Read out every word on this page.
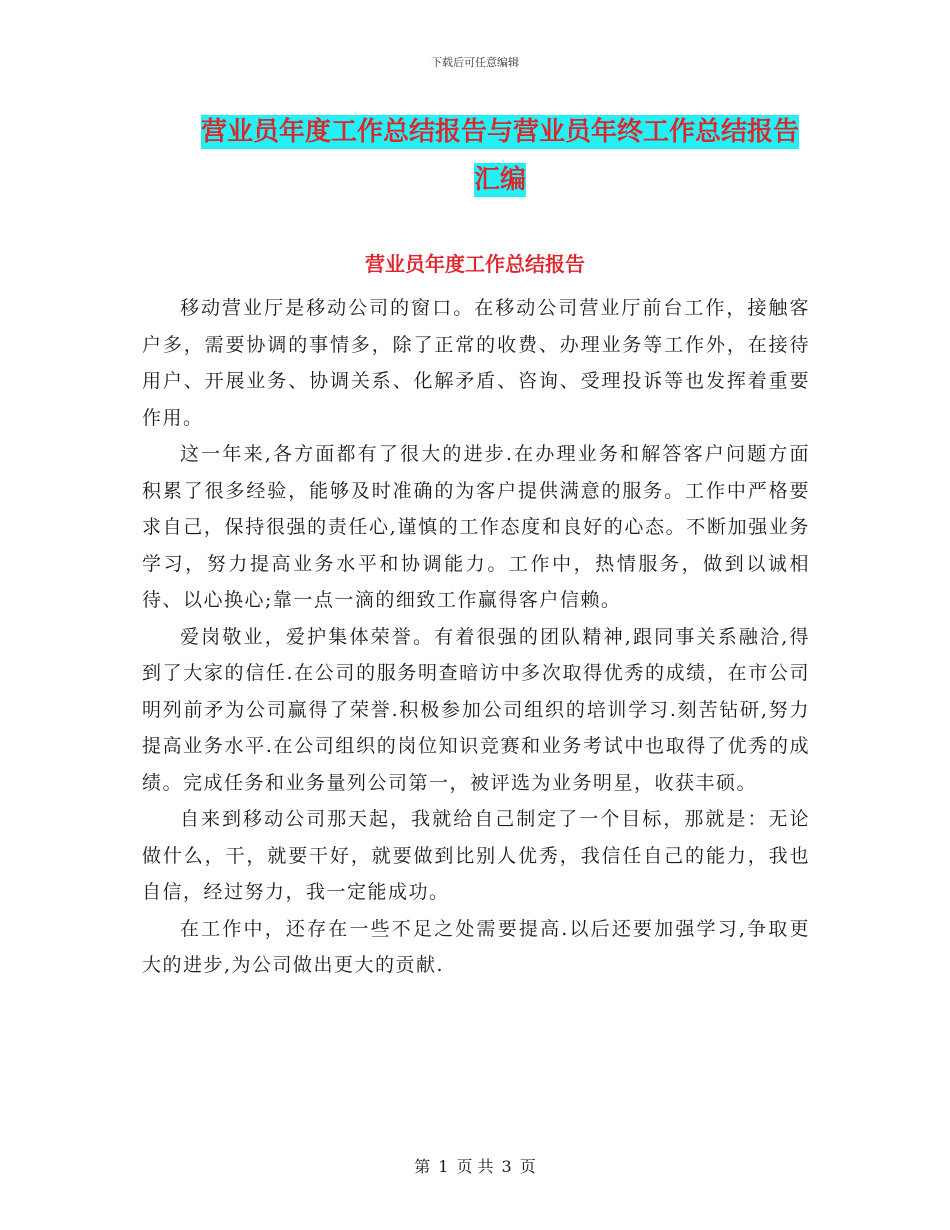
下载后可任意编辑
营业员年度工作总结报告与营业员年终工作总结报告
汇编
营业员年度工作总结报告

移动营业厅是移动公司的窗口。在移动公司营业厅前台工作，接触客户多，需要协调的事情多，除了正常的收费、办理业务等工作外，在接待用户、开展业务、协调关系、化解矛盾、咨询、受理投诉等也发挥着重要作用。

这一年来,各方面都有了很大的进步.在办理业务和解答客户问题方面积累了很多经验，能够及时准确的为客户提供满意的服务。工作中严格要求自己，保持很强的责任心,谨慎的工作态度和良好的心态。不断加强业务学习，努力提高业务水平和协调能力。工作中，热情服务，做到以诚相待、以心换心;靠一点一滴的细致工作赢得客户信赖。

爱岗敬业，爱护集体荣誉。有着很强的团队精神,跟同事关系融洽,得到了大家的信任.在公司的服务明查暗访中多次取得优秀的成绩，在市公司明列前矛为公司赢得了荣誉.积极参加公司组织的培训学习.刻苦钻研,努力提高业务水平.在公司组织的岗位知识竞赛和业务考试中也取得了优秀的成绩。完成任务和业务量列公司第一，被评选为业务明星，收获丰硕。

自来到移动公司那天起，我就给自己制定了一个目标，那就是：无论做什么，干，就要干好，就要做到比别人优秀，我信任自己的能力，我也自信，经过努力，我一定能成功。

在工作中，还存在一些不足之处需要提高.以后还要加强学习,争取更大的进步,为公司做出更大的贡献.

第 1 页 共 3 页
